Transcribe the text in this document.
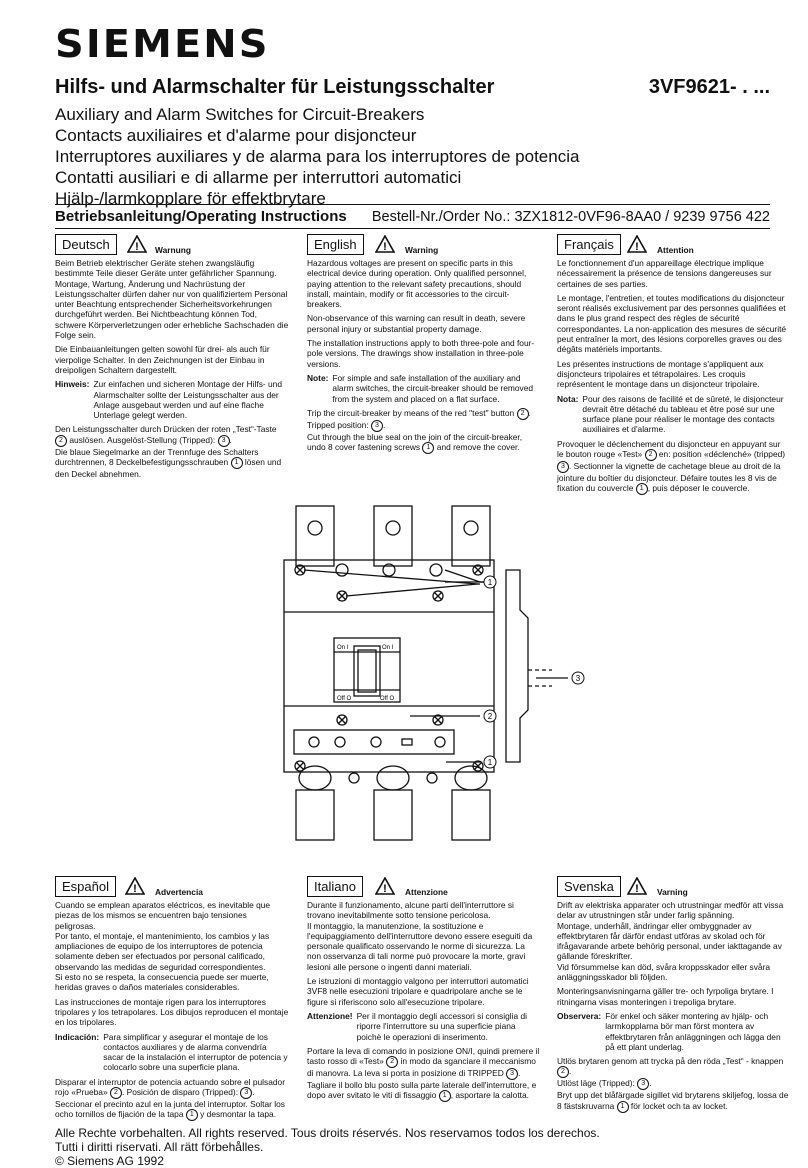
SIEMENS
Hilfs- und Alarmschalter für Leistungsschalter	3VF9621- . ...
Auxiliary and Alarm Switches for Circuit-Breakers
Contacts auxiliaires et d'alarme pour disjoncteur
Interruptores auxiliares y de alarma para los interruptores de potencia
Contatti ausiliari e di allarme per interruttori automatici
Hjälp-/larmkopplare för effektbrytare
Betriebsanleitung/Operating Instructions Bestell-Nr./Order No.: 3ZX1812-0VF96-8AA0 / 9239 9756 422
Deutsch	! Warnung

Beim Betrieb elektrischer Geräte stehen zwangsläufig bestimmte Teile dieser Geräte unter gefährlicher Spannung. Montage, Wartung, Änderung und Nachrüstung der Leistungsschalter dürfen daher nur von qualifiziertem Personal unter Beachtung entsprechender Sicherheitsvorkehrungen durchgeführt werden. Bei Nichtbeachtung können Tod, schwere Körperverletzungen oder erhebliche Sachschaden die Folge sein.

Die Einbauanleitungen gelten sowohl für drei- als auch für vierpolige Schalter. In den Zeichnungen ist der Einbau in dreipoligen Schaltern dargestellt.

Hinweis: Zur einfachen und sicheren Montage der Hilfs- und Alarmschalter sollte der Leistungsschalter aus der Anlage ausgebaut werden und auf eine flache Unterlage gelegt werden.

Den Leistungsschalter durch Drücken der roten „Test“-Taste
2 auslösen. Ausgelöst-Stellung (Tripped): 3 .
Die blaue Siegelmarke an der Trennfuge des Schalters durchtrennen, 8 Deckelbefestigungsschrauben 1 lösen und den Deckel abnehmen.

English	! Warning

Hazardous voltages are present on specific parts in this electrical device during operation. Only qualified personnel, paying attention to the relevant safety precautions, should install, maintain, modify or fit accessories to the circuit-breakers.

Non-observance of this warning can result in death, severe personal injury or substantial property damage.

The installation instructions apply to both three-pole and four-pole versions. The drawings show installation in three-pole versions.

Note: For simple and safe installation of the auxiliary and alarm switches, the circuit-breaker should be removed from the system and placed on a flat surface.

Trip the circuit-breaker by means of the red "test" button 2 .
Tripped position: 3 .
Cut through the blue seal on the join of the circuit-breaker, undo 8 cover fastening screws 1 and remove the cover.

Français	! Attention

Le fonctionnement d'un appareillage électrique implique nécessairement la présence de tensions dangereuses sur certaines de ses parties.

Le montage, l'entretien, et toutes modifications du disjoncteur seront réalisés exclusivement par des personnes qualifiées et dans le plus grand respect des règles de sécurité correspondantes. La non-application des mesures de sécurité peut entraîner la mort, des lésions corporelles graves ou des dégâts matériels importants.

Les présentes instructions de montage s'appliquent aux disjoncteurs tripolaires et tétrapolaires. Les croquis représentent le montage dans un disjoncteur tripolaire.

Nota: Pour des raisons de facilité et de sûreté, le disjoncteur devrait être détaché du tableau et être posé sur une surface plane pour réaliser le montage des contacts auxiliaires et d'alarme.

Provoquer le déclenchement du disjoncteur en appuyant sur le bouton rouge «Test» 2 en: position «déclenché» (tripped) 3 . Sectionner la vignette de cachetage bleue au droit de la jointure du boîtier du disjoncteur. Défaire toutes les 8 vis de fixation du couvercle 1 , puis déposer le couvercle.

1
2
1
3
On I	On I
Off O	Off O
Español	! Advertencia

Cuando se emplean aparatos eléctricos, es inevitable que piezas de los mismos se encuentren bajo tensiones peligrosas.
Por tanto, el montaje, el mantenimiento, los cambios y las ampliaciones de equipo de los interruptores de potencia solamente deben ser efectuados por personal calificado, observando las medidas de seguridad correspondientes.
Si esto no se respeta, la consecuencia puede ser muerte, heridas graves o daños materiales considerables.

Las instrucciones de montaje rigen para los interruptores tripolares y los tetrapolares. Los dibujos reproducen el montaje en los tripolares.

Indicación: Para simplificar y asegurar el montaje de los contactos auxiliares y de alarma convendría sacar de la instalación el interruptor de potencia y colocarlo sobre una superficie plana.

Disparar el interruptor de potencia actuando sobre el pulsador rojo «Prueba» 2 . Posición de disparo (Tripped): 3 . Seccionar el precinto azul en la junta del interruptor. Soltar los ocho tornillos de fijación de la tapa 1 y desmontar la tapa.

Italiano	! Attenzione

Durante il funzionamento, alcune parti dell'interruttore si trovano inevitabilmente sotto tensione pericolosa.
Il montaggio, la manutenzione, la sostituzione e l'equipaggiamento dell'interruttore devono essere eseguiti da personale qualificato osservando le norme di sicurezza. La non osservanza di tali norme può provocare la morte, gravi lesioni alle persone o ingenti danni materiali.

Le istruzioni di montaggio valgono per interruttori automatici 3VF8 nelle esecuzioni tripolare e quadripolare anche se le figure si riferiscono solo all'esecuzione tripolare.

Attenzione! Per il montaggio degli accessori si consiglia di riporre l'interruttore su una superficie piana poichè le operazioni di inserimento.

Portare la leva di comando in posizione ON/I, quindi premere il tasto rosso di «Test» 2 in modo da sganciare il meccanismo di manovra. La leva si porta in posizione di TRIPPED 3 . Tagliare il bollo blu posto sulla parte laterale dell'interruttore, e dopo aver svitato le viti di fissaggio 1 , asportare la calotta.

Svenska	! Varning

Drift av elektriska apparater och utrustningar medför att vissa delar av utrustningen står under farlig spänning.
Montage, underhåll, ändringar eller ombyggnader av effektbrytaren får därför endast utföras av skolad och för ifrågavarande arbete behörig personal, under iakttagande av gällande föreskrifter.
Vid försummelse kan död, svåra kroppsskador eller svåra anläggningsskador bli följden.

Monteringsanvisningarna gäller tre- och fyrpoliga brytare. I ritningarna visas monteringen i trepoliga brytare.

Observera: För enkel och säker montering av hjälp- och larmkopplarna bör man först montera av effektbrytaren från anläggningen och lägga den på ett plant underlag.

Utlös brytaren genom att trycka på den röda „Test“ - knappen 2 .
Utlöst läge (Tripped): 3 .
Bryt upp det blåfärgade sigillet vid brytarens skiljefog, lossa de 8 fästskruvarna 1 för locket och ta av locket.

Alle Rechte vorbehalten. All rights reserved. Tous droits réservés. Nos reservamos todos los derechos.
Tutti i diritti riservati. All rätt förbehålles.
© Siemens AG 1992
